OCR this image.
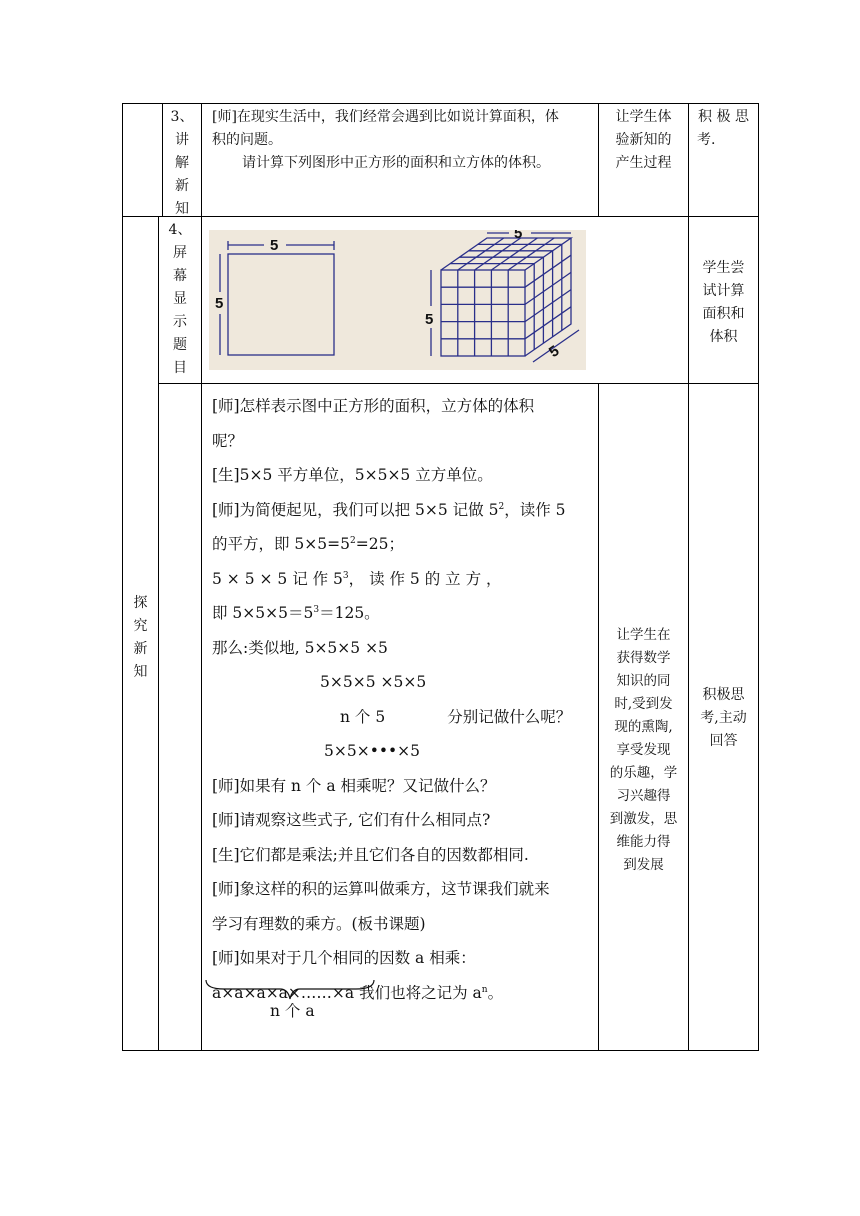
3、
讲
解
新
知
[师]在现实生活中，我们经常会遇到比如说计算面积，体
积的问题。
请计算下列图形中正方形的面积和立方体的体积。
让学生体
验新知的
产生过程
积 极 思
考.
4、
屏
幕
显
示
题
目
5
5
5
5
5
学生尝
试计算
面积和
体积
探
究
新
知
[师]怎样表示图中正方形的面积，立方体的体积
呢？
[生]5×5 平方单位，5×5×5 立方单位。
[师]为简便起见，我们可以把 5×5 记做 $5^2$，读作 5
的平方，即 $5\times 5=5^2=25$；
5 × 5 × 5 记 作 $5^3$， 读 作 5 的 立 方 ，
即 $5\times 5\times 5=5^3=125$。
那么:类似地, 5×5×5 ×5
5×5×5 ×5×5
n 个 5	分别记做什么呢？
5×5×•••×5
[师]如果有 n 个 a 相乘呢？又记做什么？
[师]请观察这些式子, 它们有什么相同点?
[生]它们都是乘法;并且它们各自的因数都相同.
[师]象这样的积的运算叫做乘方，这节课我们就来
学习有理数的乘方。(板书课题)
[师]如果对于几个相同的因数 a 相乘：
a×a×a×a×……×a 我们也将之记为 $a^n$。
n 个 a
让学生在
获得数学
知识的同
时,受到发
现的熏陶,
享受发现
的乐趣，学
习兴趣得
到激发，思
维能力得
到发展
积极思
考,主动
回答
